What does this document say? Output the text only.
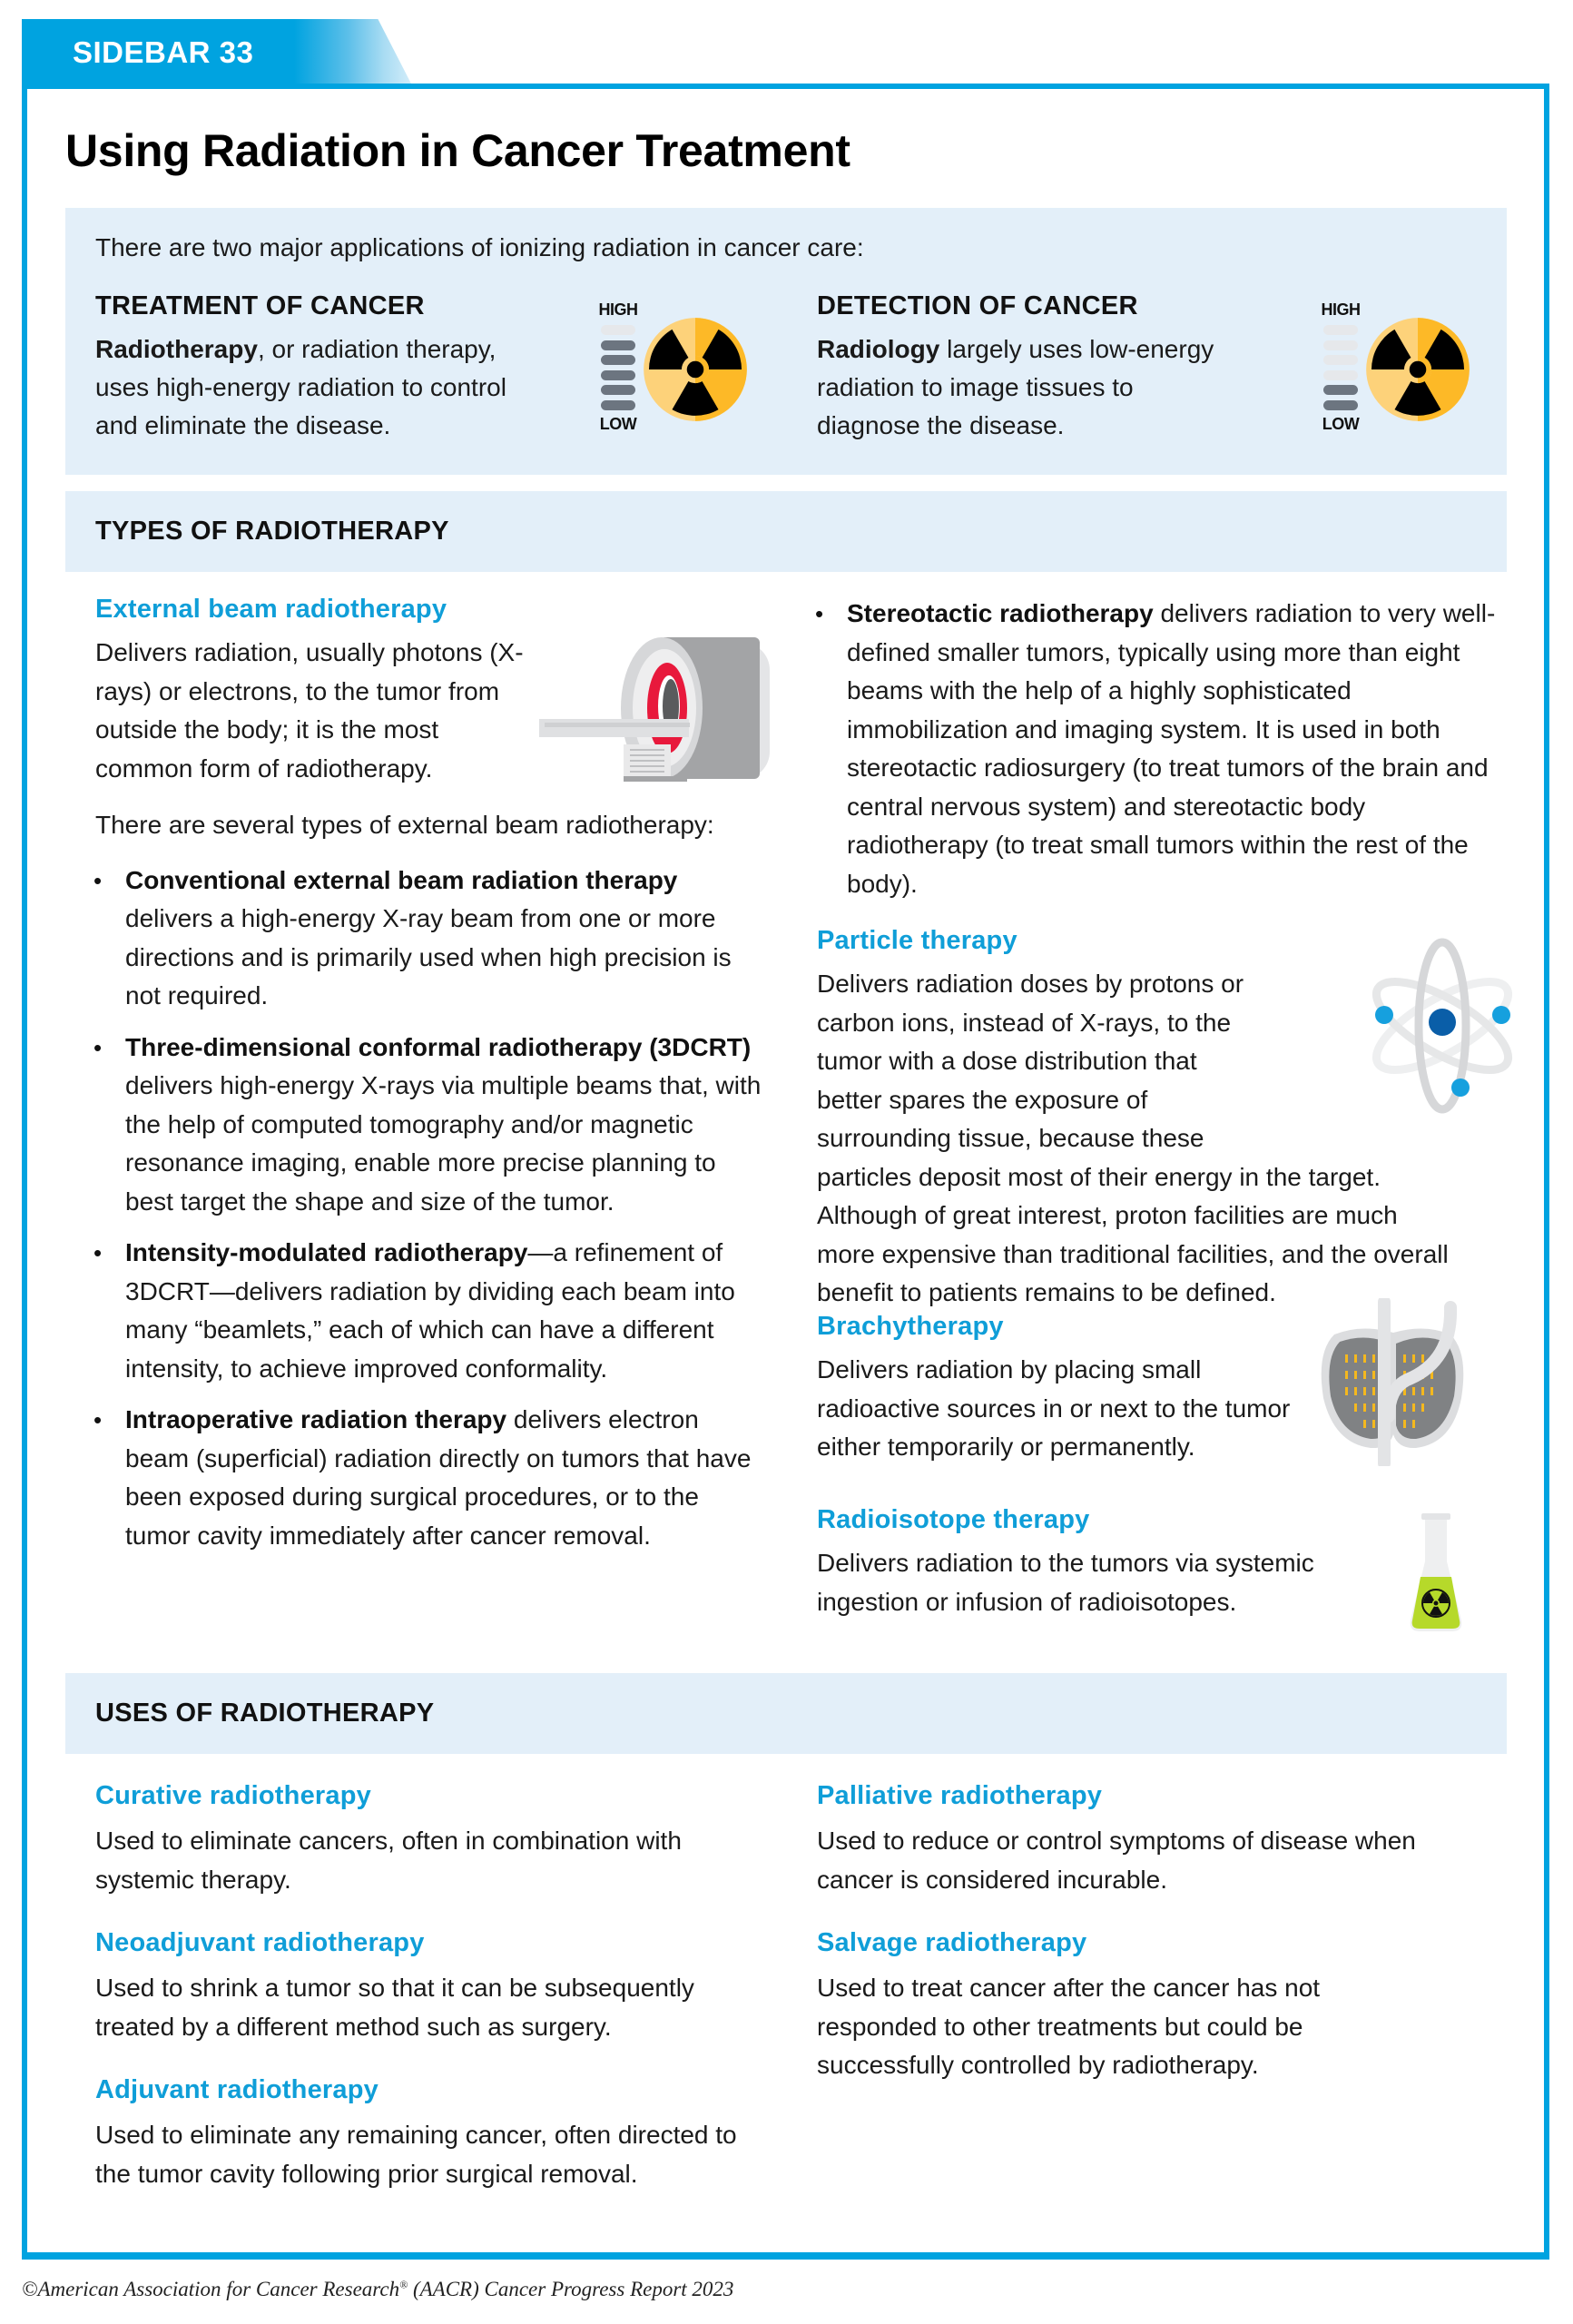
SIDEBAR 33
Using Radiation in Cancer Treatment
There are two major applications of ionizing radiation in cancer care:
TREATMENT OF CANCER
Radiotherapy, or radiation therapy, uses high-energy radiation to control and eliminate the disease.
HIGH
LOW
DETECTION OF CANCER
Radiology largely uses low-energy radiation to image tissues to diagnose the disease.
HIGH
LOW
TYPES OF RADIOTHERAPY
External beam radiotherapy
Delivers radiation, usually photons (X-rays) or electrons, to the tumor from outside the body; it is the most common form of radiotherapy.
There are several types of external beam radiotherapy:
• Conventional external beam radiation therapy delivers a high-energy X-ray beam from one or more directions and is primarily used when high precision is not required.
• Three-dimensional conformal radiotherapy (3DCRT) delivers high-energy X-rays via multiple beams that, with the help of computed tomography and/or magnetic resonance imaging, enable more precise planning to best target the shape and size of the tumor.
• Intensity-modulated radiotherapy—a refinement of 3DCRT—delivers radiation by dividing each beam into many “beamlets,” each of which can have a different intensity, to achieve improved conformality.
• Intraoperative radiation therapy delivers electron beam (superficial) radiation directly on tumors that have been exposed during surgical procedures, or to the tumor cavity immediately after cancer removal.
• Stereotactic radiotherapy delivers radiation to very well-defined smaller tumors, typically using more than eight beams with the help of a highly sophisticated immobilization and imaging system. It is used in both stereotactic radiosurgery (to treat tumors of the brain and central nervous system) and stereotactic body radiotherapy (to treat small tumors within the rest of the body).
Particle therapy
Delivers radiation doses by protons or carbon ions, instead of X-rays, to the tumor with a dose distribution that better spares the exposure of surrounding tissue, because these particles deposit most of their energy in the target. Although of great interest, proton facilities are much more expensive than traditional facilities, and the overall benefit to patients remains to be defined.
Brachytherapy
Delivers radiation by placing small radioactive sources in or next to the tumor either temporarily or permanently.
Radioisotope therapy
Delivers radiation to the tumors via systemic ingestion or infusion of radioisotopes.
USES OF RADIOTHERAPY
Curative radiotherapy
Used to eliminate cancers, often in combination with systemic therapy.
Neoadjuvant radiotherapy
Used to shrink a tumor so that it can be subsequently treated by a different method such as surgery.
Adjuvant radiotherapy
Used to eliminate any remaining cancer, often directed to the tumor cavity following prior surgical removal.
Palliative radiotherapy
Used to reduce or control symptoms of disease when cancer is considered incurable.
Salvage radiotherapy
Used to treat cancer after the cancer has not responded to other treatments but could be successfully controlled by radiotherapy.
©American Association for Cancer Research® (AACR) Cancer Progress Report 2023
